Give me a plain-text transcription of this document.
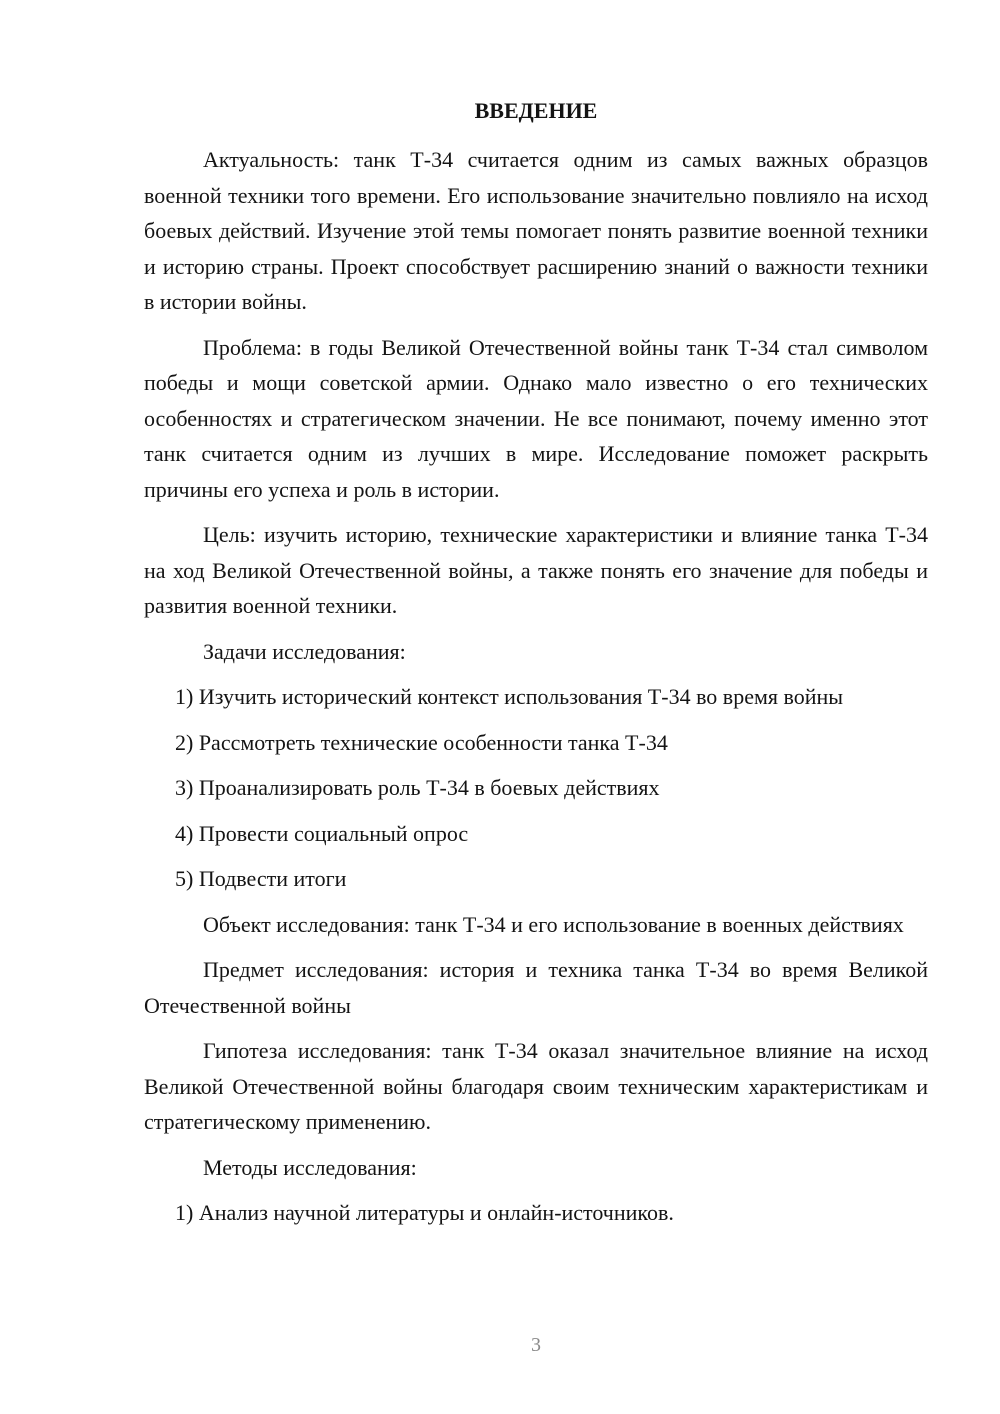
ВВЕДЕНИЕ

Актуальность: танк Т-34 считается одним из самых важных образцов военной техники того времени. Его использование значительно повлияло на исход боевых действий. Изучение этой темы помогает понять развитие военной техники и историю страны. Проект способствует расширению знаний о важности техники в истории войны.

Проблема: в годы Великой Отечественной войны танк Т-34 стал символом победы и мощи советской армии. Однако мало известно о его технических особенностях и стратегическом значении. Не все понимают, почему именно этот танк считается одним из лучших в мире. Исследование поможет раскрыть причины его успеха и роль в истории.

Цель: изучить историю, технические характеристики и влияние танка Т-34 на ход Великой Отечественной войны, а также понять его значение для победы и развития военной техники.

Задачи исследования:

1) Изучить исторический контекст использования Т-34 во время войны

2) Рассмотреть технические особенности танка Т-34

3) Проанализировать роль Т-34 в боевых действиях

4) Провести социальный опрос

5) Подвести итоги

Объект исследования: танк Т-34 и его использование в военных действиях

Предмет исследования: история и техника танка Т-34 во время Великой Отечественной войны

Гипотеза исследования: танк Т-34 оказал значительное влияние на исход Великой Отечественной войны благодаря своим техническим характеристикам и стратегическому применению.

Методы исследования:

1) Анализ научной литературы и онлайн-источников.

3
